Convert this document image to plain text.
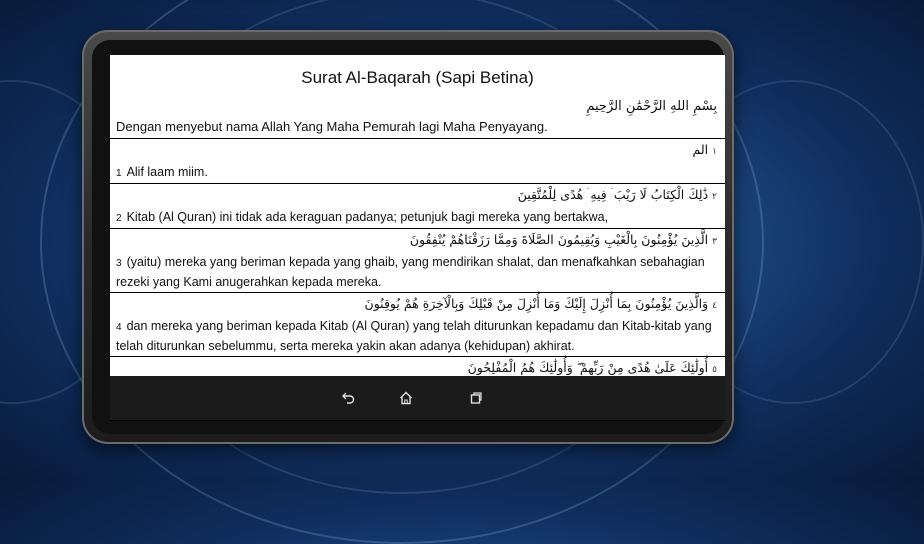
Surat Al-Baqarah (Sapi Betina)
بِسْمِ اللهِ الرَّحْمَٰنِ الرَّحِيمِ
Dengan menyebut nama Allah Yang Maha Pemurah lagi Maha Penyayang.
١الم
1 Alif laam miim.
٢ذَٰلِكَ الْكِتَابُ لَا رَيْبَ ۛ فِيهِ ۛ هُدًى لِلْمُتَّقِينَ
2 Kitab (Al Quran) ini tidak ada keraguan padanya; petunjuk bagi mereka yang bertakwa,
٣الَّذِينَ يُؤْمِنُونَ بِالْغَيْبِ وَيُقِيمُونَ الصَّلَاةَ وَمِمَّا رَزَقْنَاهُمْ يُنْفِقُونَ
3 (yaitu) mereka yang beriman kepada yang ghaib, yang mendirikan shalat, dan menafkahkan sebahagian rezeki yang Kami anugerahkan kepada mereka.
٤وَالَّذِينَ يُؤْمِنُونَ بِمَا أُنْزِلَ إِلَيْكَ وَمَا أُنْزِلَ مِنْ قَبْلِكَ وَبِالْآخِرَةِ هُمْ يُوقِنُونَ
4 dan mereka yang beriman kepada Kitab (Al Quran) yang telah diturunkan kepadamu dan Kitab-kitab yang telah diturunkan sebelummu, serta mereka yakin akan adanya (kehidupan) akhirat.
٥أُولَٰئِكَ عَلَىٰ هُدًى مِنْ رَبِّهِمْ ۖ وَأُولَٰئِكَ هُمُ الْمُفْلِحُونَ
